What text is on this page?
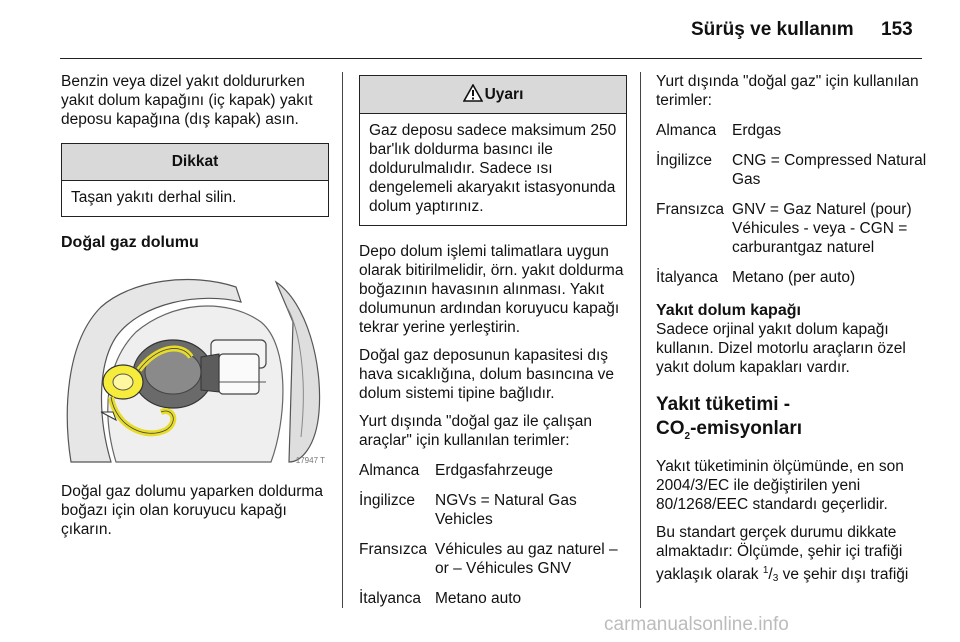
Sürüş ve kullanım 153

Benzin veya dizel yakıt doldururken yakıt dolum kapağını (iç kapak) yakıt deposu kapağına (dış kapak) asın.

Dikkat
Taşan yakıtı derhal silin.
Doğal gaz dolumu
17947 T

Doğal gaz dolumu yaparken doldurma boğazı için olan koruyucu kapağı çıkarın.

Uyarı
Gaz deposu sadece maksimum 250 bar'lık doldurma basıncı ile doldurulmalıdır. Sadece ısı dengelemeli akaryakıt istasyonunda dolum yaptırınız.

Depo dolum işlemi talimatlara uygun olarak bitirilmelidir, örn. yakıt doldurma boğazının havasının alınması. Yakıt dolumunun ardından koruyucu kapağı tekrar yerine yerleştirin.

Doğal gaz deposunun kapasitesi dış hava sıcaklığına, dolum basıncına ve dolum sistemi tipine bağlıdır.

Yurt dışında "doğal gaz ile çalışan araçlar" için kullanılan terimler:

Almanca	Erdgasfahrzeuge
İngilizce	NGVs = Natural Gas Vehicles
Fransızca	Véhicules au gaz naturel – or – Véhicules GNV
İtalyanca	Metano auto

Yurt dışında "doğal gaz" için kullanılan terimler:

Almanca	Erdgas
İngilizce	CNG = Compressed Natural Gas
Fransızca	GNV = Gaz Naturel (pour) Véhicules - veya - CGN = carburantgaz naturel
İtalyanca	Metano (per auto)
Yakıt dolum kapağı

Sadece orjinal yakıt dolum kapağı kullanın. Dizel motorlu araçların özel yakıt dolum kapakları vardır.

Yakıt tüketimi -
$CO_2$-emisyonları

Yakıt tüketiminin ölçümünde, en son 2004/3/EC ile değiştirilen yeni 80/1268/EEC standardı geçerlidir.

Bu standart gerçek durumu dikkate almaktadır: Ölçümde, şehir içi trafiği yaklaşık olarak $^1/_3$ ve şehir dışı trafiği

carmanualsonline.info
